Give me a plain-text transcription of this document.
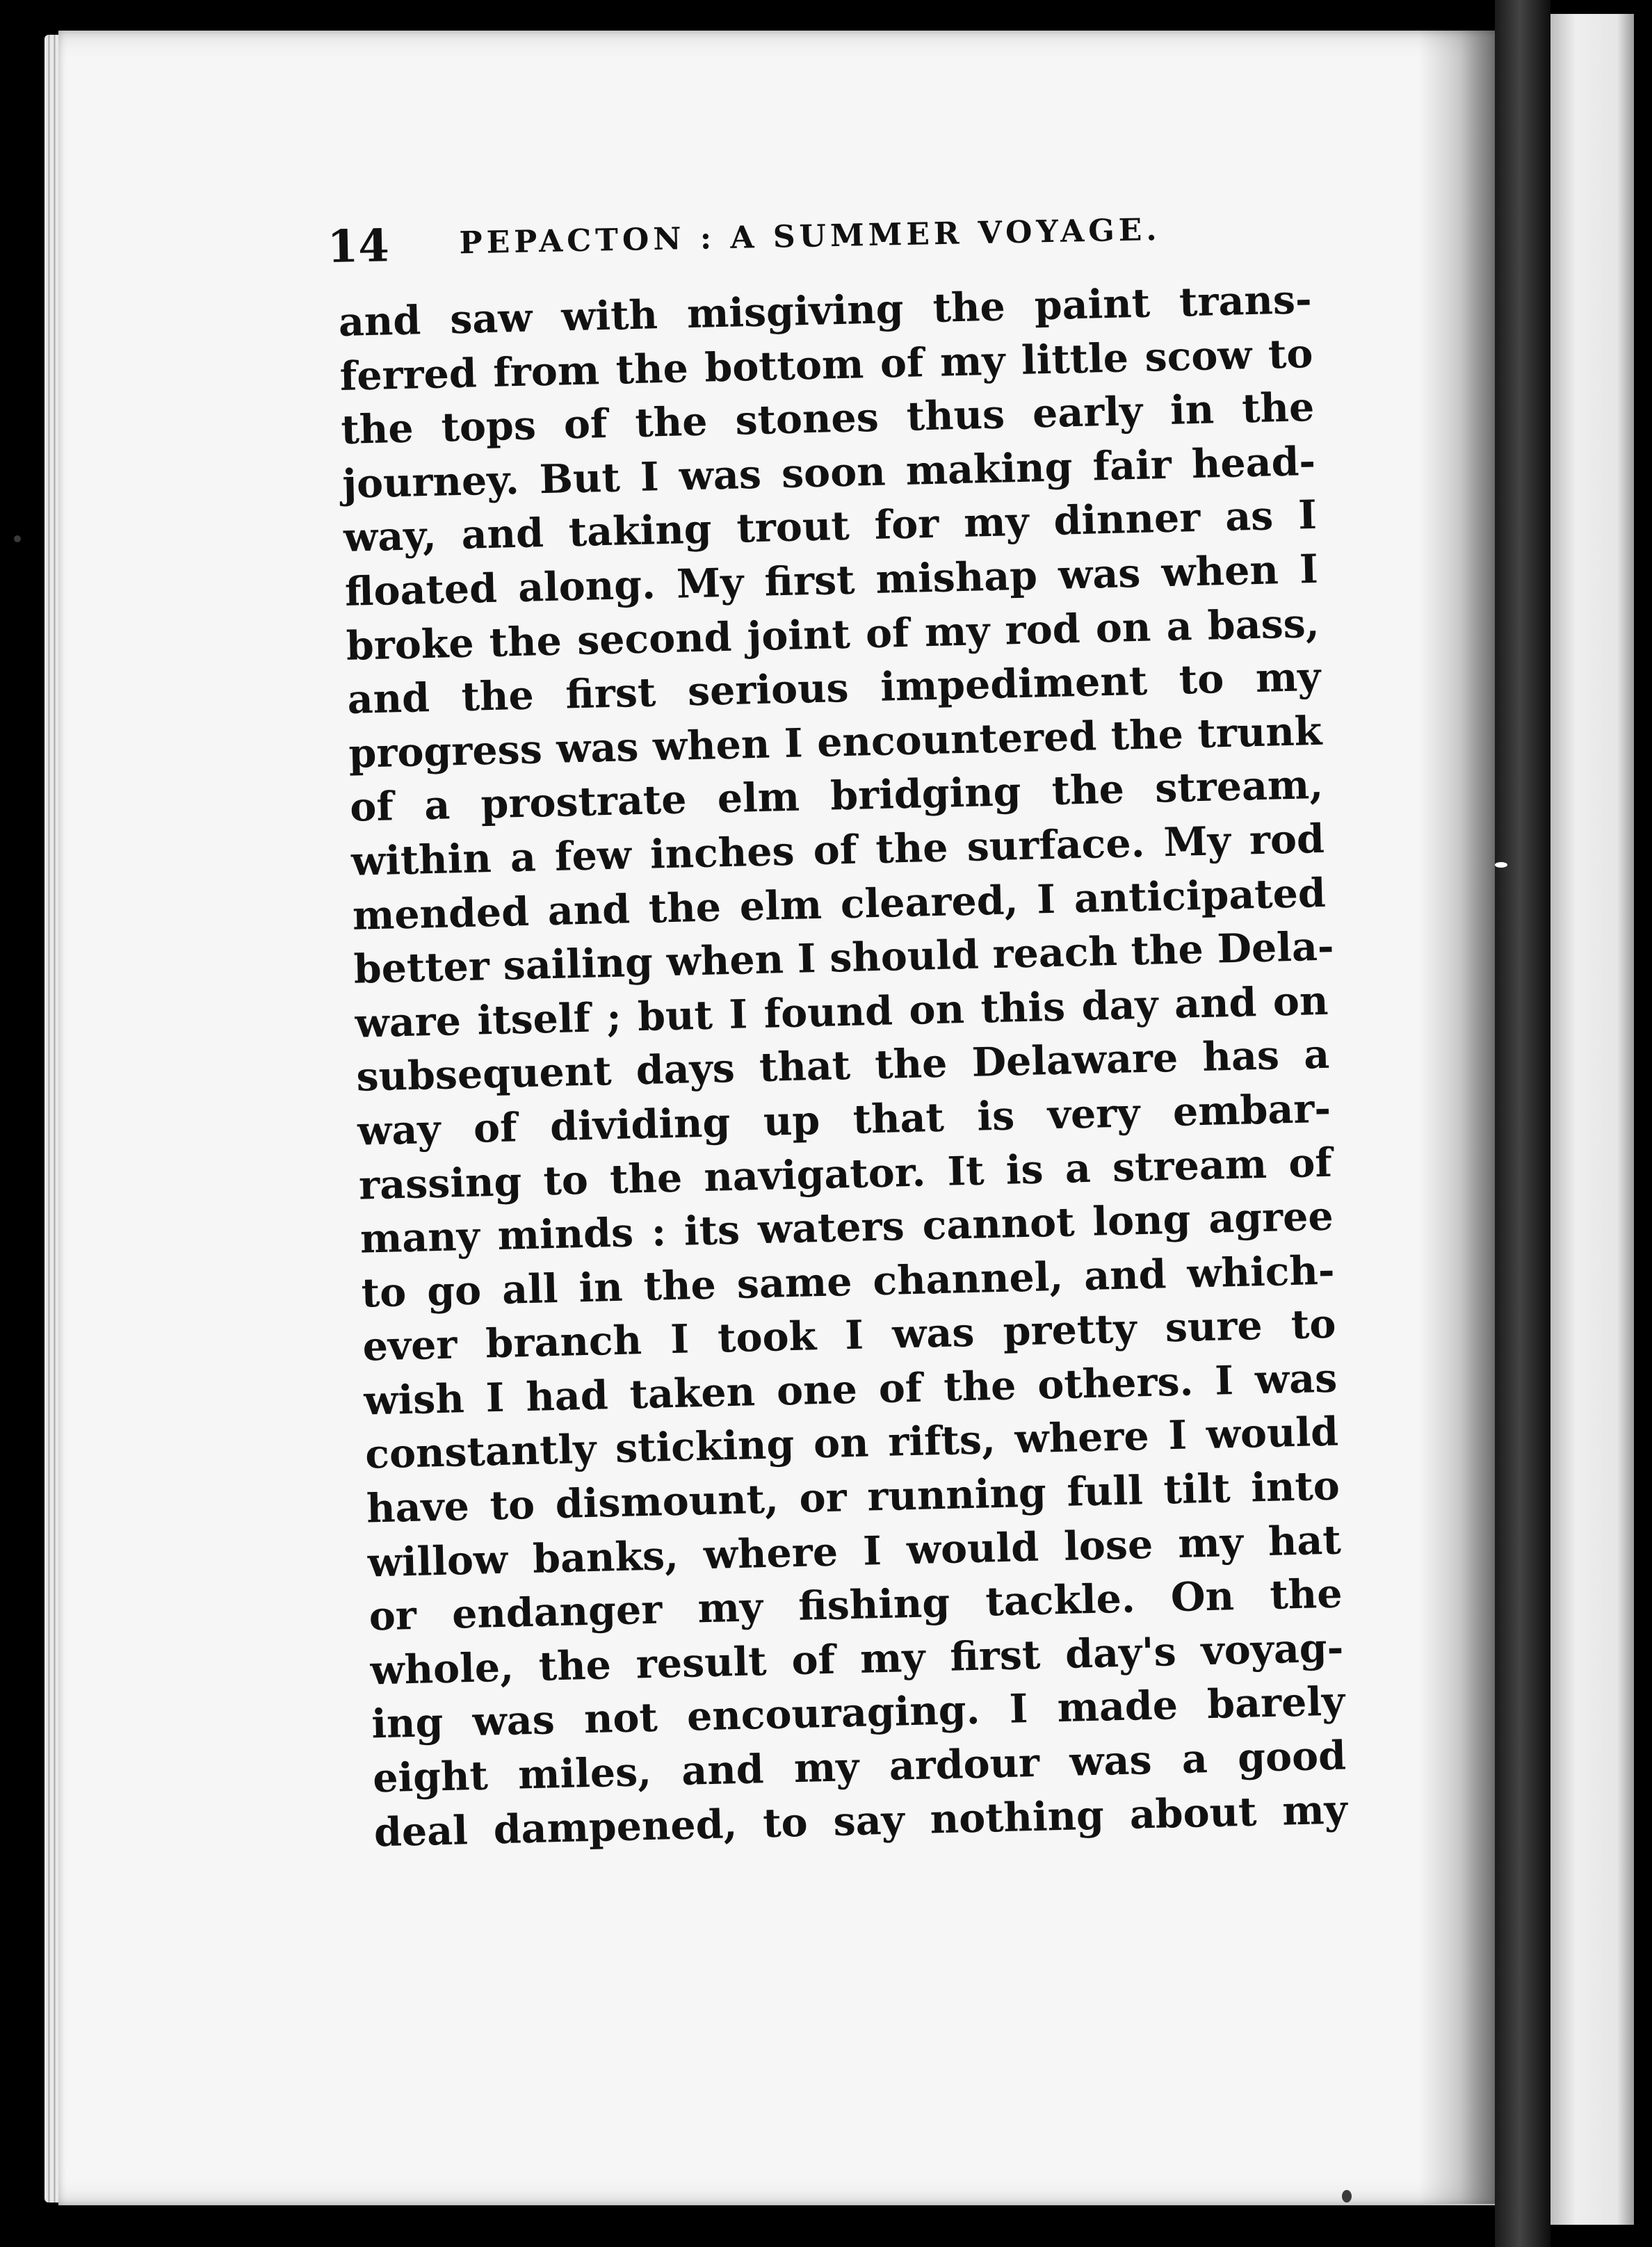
14 PEPACTON : A SUMMER VOYAGE.
and saw with misgiving the paint trans-
ferred from the bottom of my little scow to
the tops of the stones thus early in the
journey. But I was soon making fair head-
way, and taking trout for my dinner as I
floated along. My first mishap was when I
broke the second joint of my rod on a bass,
and the first serious impediment to my
progress was when I encountered the trunk
of a prostrate elm bridging the stream,
within a few inches of the surface. My rod
mended and the elm cleared, I anticipated
better sailing when I should reach the Dela-
ware itself ; but I found on this day and on
subsequent days that the Delaware has a
way of dividing up that is very embar-
rassing to the navigator. It is a stream of
many minds : its waters cannot long agree
to go all in the same channel, and which-
ever branch I took I was pretty sure to
wish I had taken one of the others. I was
constantly sticking on rifts, where I would
have to dismount, or running full tilt into
willow banks, where I would lose my hat
or endanger my fishing tackle. On the
whole, the result of my first day's voyag-
ing was not encouraging. I made barely
eight miles, and my ardour was a good
deal dampened, to say nothing about my
